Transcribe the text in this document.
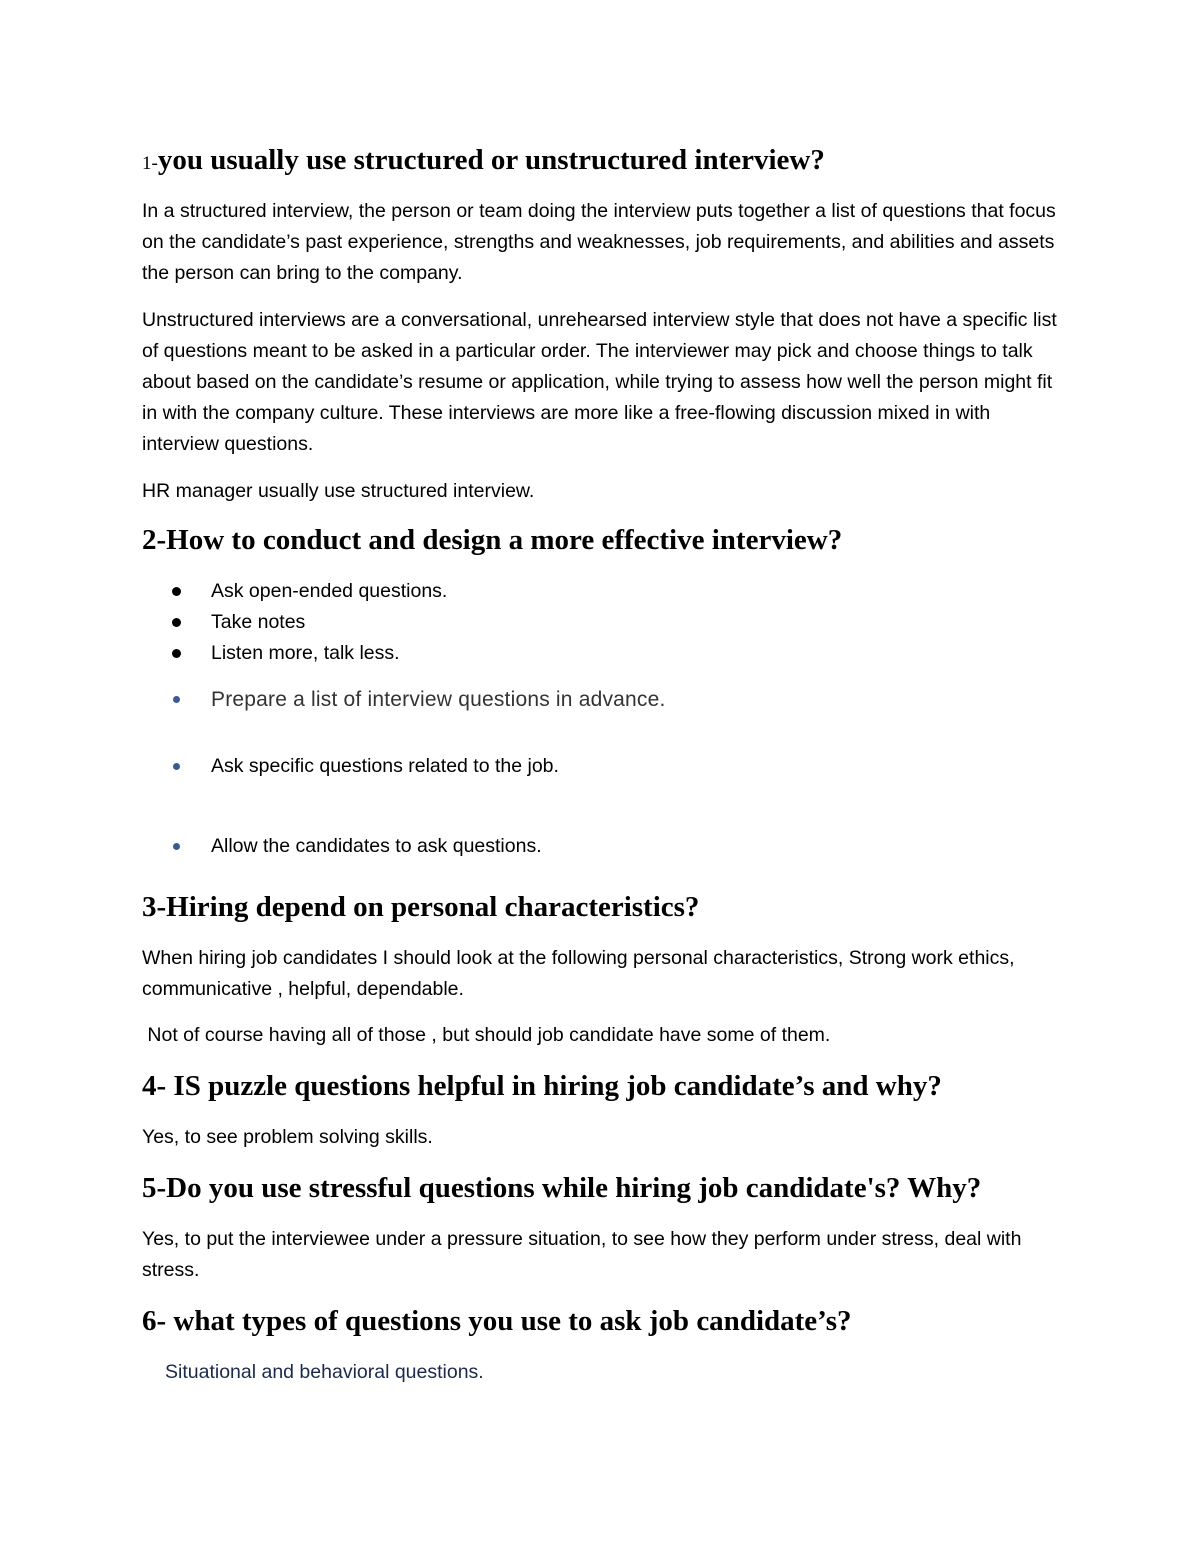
1-you usually use structured or unstructured interview?

In a structured interview, the person or team doing the interview puts together a list of questions that focus on the candidate’s past experience, strengths and weaknesses, job requirements, and abilities and assets the person can bring to the company.

Unstructured interviews are a conversational, unrehearsed interview style that does not have a specific list of questions meant to be asked in a particular order. The interviewer may pick and choose things to talk about based on the candidate’s resume or application, while trying to assess how well the person might fit in with the company culture. These interviews are more like a free-flowing discussion mixed in with interview questions.

HR manager usually use structured interview.

2-How to conduct and design a more effective interview?
Ask open-ended questions.
Take notes
Listen more, talk less.
Prepare a list of interview questions in advance.
Ask specific questions related to the job.
Allow the candidates to ask questions.
3-Hiring depend on personal characteristics?

When hiring job candidates I should look at the following personal characteristics, Strong work ethics, communicative , helpful, dependable.

Not of course having all of those , but should job candidate have some of them.

4- IS puzzle questions helpful in hiring job candidate’s and why?

Yes, to see problem solving skills.

5-Do you use stressful questions while hiring job candidate's? Why?

Yes, to put the interviewee under a pressure situation, to see how they perform under stress, deal with stress.

6- what types of questions you use to ask job candidate’s?

Situational and behavioral questions.
